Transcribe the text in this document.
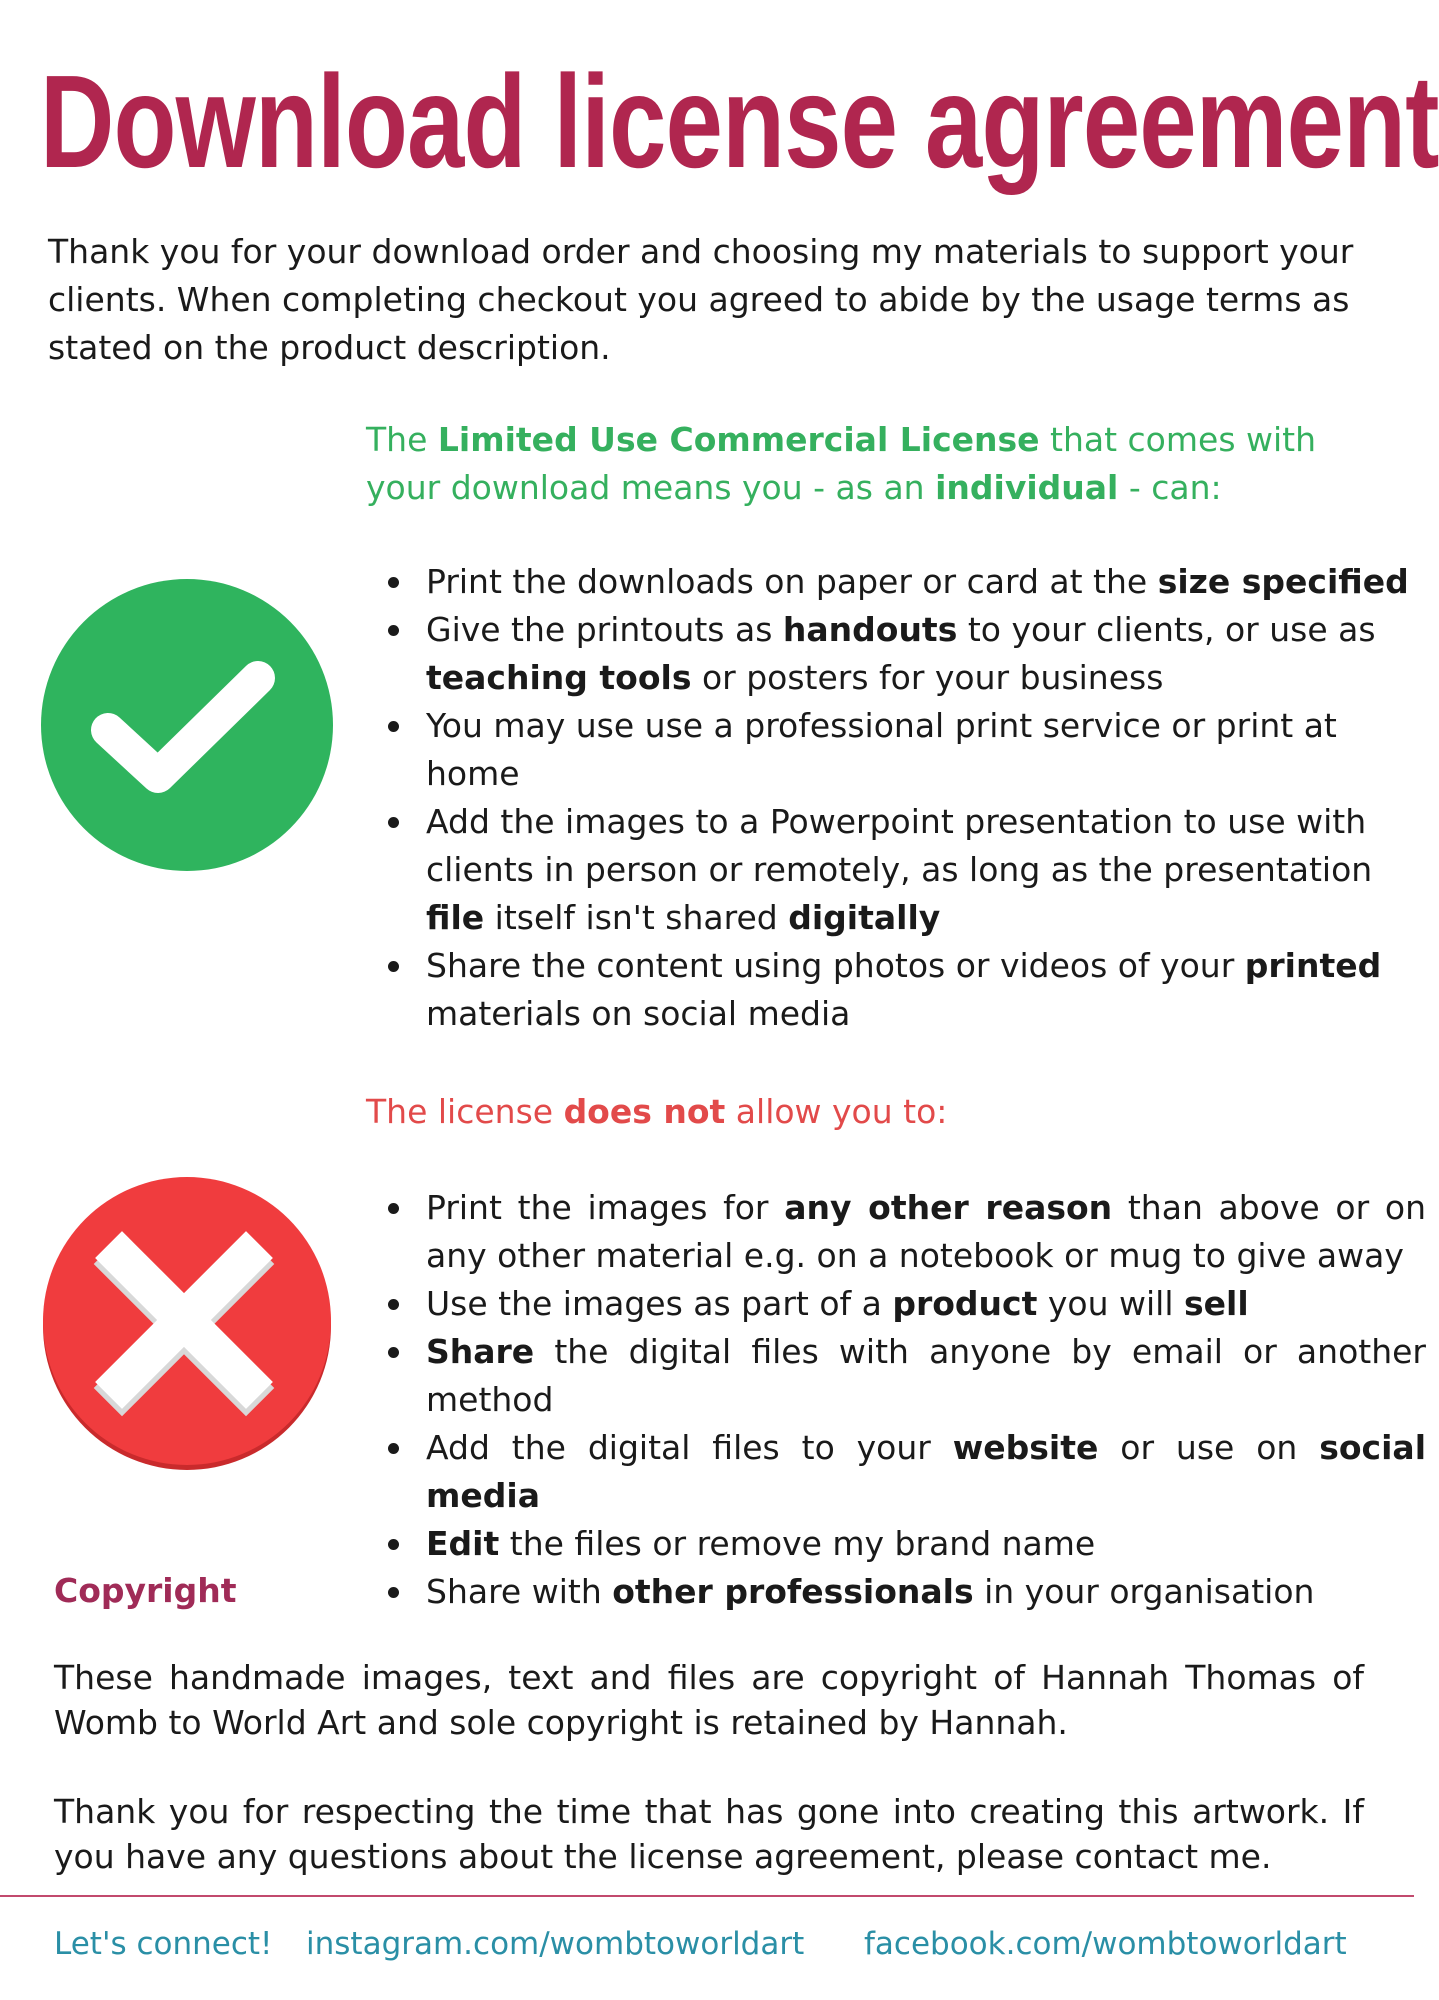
Download license agreement

Thank you for your download order and choosing my materials to support your clients. When completing checkout you agreed to abide by the usage terms as stated on the product description.

The Limited Use Commercial License that comes with your download means you - as an individual - can:

Print the downloads on paper or card at the size specified
Give the printouts as handouts to your clients, or use as teaching tools or posters for your business
You may use use a professional print service or print at home
Add the images to a Powerpoint presentation to use with clients in person or remotely, as long as the presentation file itself isn't shared digitally
Share the content using photos or videos of your printed materials on social media

The license does not allow you to:

Print the images for any other reason than above or on any other material e.g. on a notebook or mug to give away
Use the images as part of a product you will sell
Share the digital files with anyone by email or another method
Add the digital files to your website or use on social media
Edit the files or remove my brand name
Share with other professionals in your organisation
Copyright

These handmade images, text and files are copyright of Hannah Thomas of Womb to World Art and sole copyright is retained by Hannah.

Thank you for respecting the time that has gone into creating this artwork. If you have any questions about the license agreement, please contact me.

Let's connect! instagram.com/wombtoworldart facebook.com/wombtoworldart
